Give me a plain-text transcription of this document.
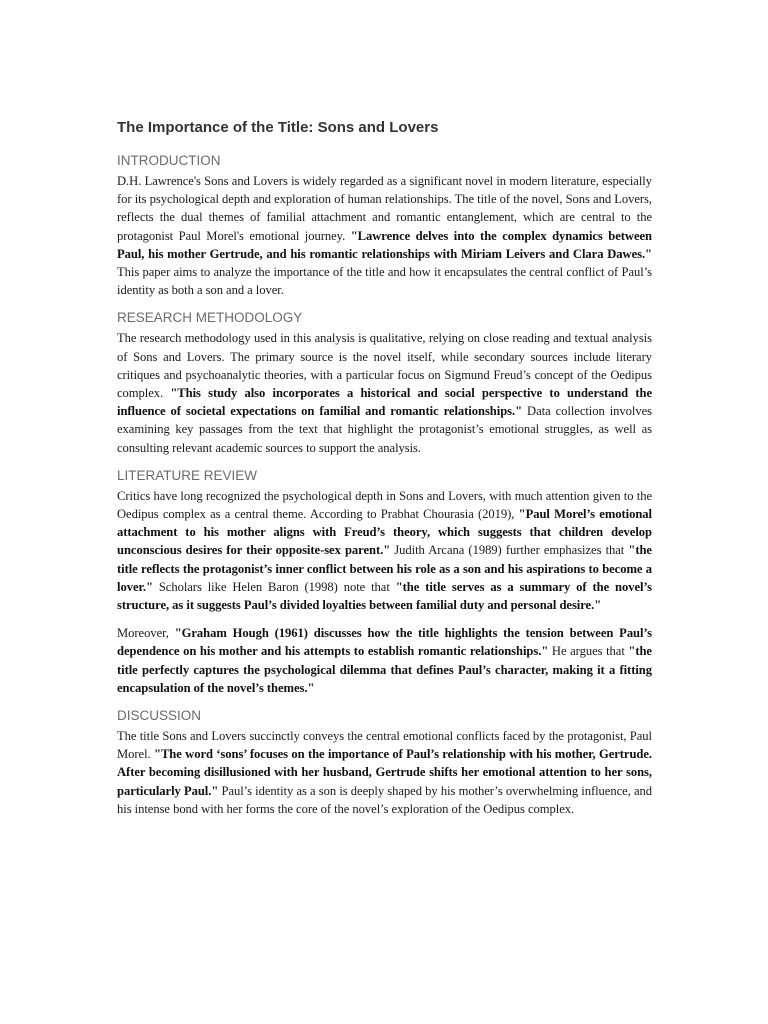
The Importance of the Title: Sons and Lovers
INTRODUCTION

D.H. Lawrence's Sons and Lovers is widely regarded as a significant novel in modern literature, especially for its psychological depth and exploration of human relationships. The title of the novel, Sons and Lovers, reflects the dual themes of familial attachment and romantic entanglement, which are central to the protagonist Paul Morel's emotional journey. "Lawrence delves into the complex dynamics between Paul, his mother Gertrude, and his romantic relationships with Miriam Leivers and Clara Dawes." This paper aims to analyze the importance of the title and how it encapsulates the central conflict of Paul’s identity as both a son and a lover.

RESEARCH METHODOLOGY

The research methodology used in this analysis is qualitative, relying on close reading and textual analysis of Sons and Lovers. The primary source is the novel itself, while secondary sources include literary critiques and psychoanalytic theories, with a particular focus on Sigmund Freud’s concept of the Oedipus complex. "This study also incorporates a historical and social perspective to understand the influence of societal expectations on familial and romantic relationships." Data collection involves examining key passages from the text that highlight the protagonist’s emotional struggles, as well as consulting relevant academic sources to support the analysis.

LITERATURE REVIEW

Critics have long recognized the psychological depth in Sons and Lovers, with much attention given to the Oedipus complex as a central theme. According to Prabhat Chourasia (2019), "Paul Morel’s emotional attachment to his mother aligns with Freud’s theory, which suggests that children develop unconscious desires for their opposite-sex parent." Judith Arcana (1989) further emphasizes that "the title reflects the protagonist’s inner conflict between his role as a son and his aspirations to become a lover." Scholars like Helen Baron (1998) note that "the title serves as a summary of the novel’s structure, as it suggests Paul’s divided loyalties between familial duty and personal desire."

Moreover, "Graham Hough (1961) discusses how the title highlights the tension between Paul’s dependence on his mother and his attempts to establish romantic relationships." He argues that "the title perfectly captures the psychological dilemma that defines Paul’s character, making it a fitting encapsulation of the novel’s themes."

DISCUSSION

The title Sons and Lovers succinctly conveys the central emotional conflicts faced by the protagonist, Paul Morel. "The word ‘sons’ focuses on the importance of Paul’s relationship with his mother, Gertrude. After becoming disillusioned with her husband, Gertrude shifts her emotional attention to her sons, particularly Paul." Paul’s identity as a son is deeply shaped by his mother’s overwhelming influence, and his intense bond with her forms the core of the novel’s exploration of the Oedipus complex.
